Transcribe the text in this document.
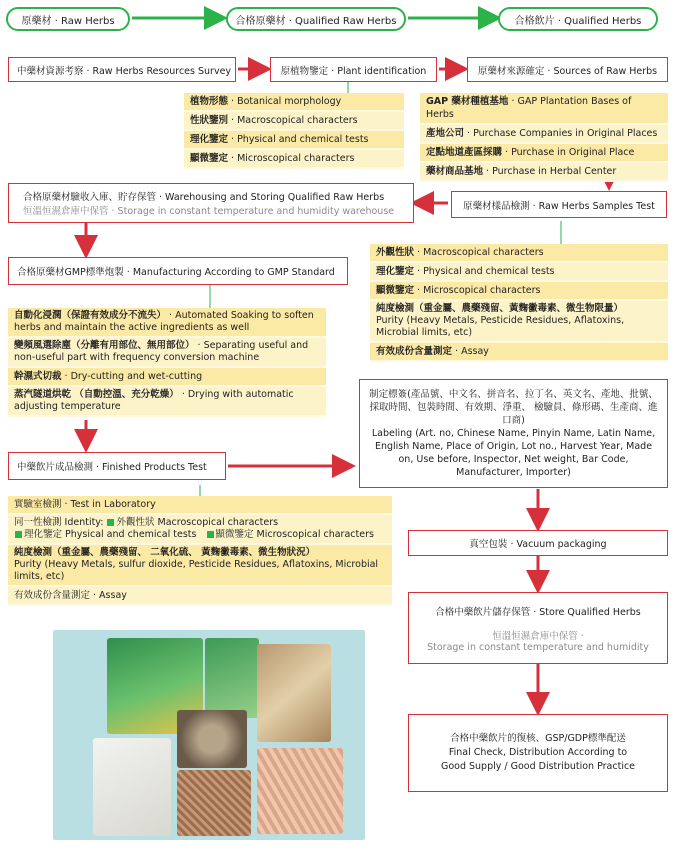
原藥材 · Raw Herbs	合格原藥材 · Qualified Raw Herbs	合格飲片 · Qualified Herbs
中藥材資源考察 · Raw Herbs Resources Survey	原植物鑒定 · Plant identification	原藥材來源確定 · Sources of Raw Herbs
植物形態 · Botanical morphology
性狀鑒別 · Macroscopical characters
理化鑒定 · Physical and chemical tests
顯微鑒定 · Microscopical characters
GAP 藥材種植基地 · GAP Plantation Bases of Herbs
產地公司 · Purchase Companies in Original Places
定點地道產區採購 · Purchase in Original Place
藥材商品基地 · Purchase in Herbal Center
合格原藥材驗收入庫、貯存保管 · Warehousing and Storing Qualified Raw Herbs
恒溫恒濕倉庫中保管 · Storage in constant temperature and humidity warehouse	原藥材樣品檢測 · Raw Herbs Samples Test
外觀性狀 · Macroscopical characters
理化鑒定 · Physical and chemical tests
顯微鑒定 · Microscopical characters
純度檢測（重金屬、農藥殘留、黃麴黴毒素、微生物限量）
Purity (Heavy Metals, Pesticide Residues, Aflatoxins, Microbial limits, etc)
有效成份含量測定 · Assay
合格原藥材GMP標準炮製 · Manufacturing According to GMP Standard
自動化浸潤（保證有效成分不流失） · Automated Soaking to soften herbs and maintain the active ingredients as well
變頻風選除塵（分離有用部位、無用部位） · Separating useful and non-useful part with frequency conversion machine
幹濕式切裁 · Dry-cutting and wet-cutting
蒸汽隧道烘乾 （自動控溫、充分乾燥） · Drying with automatic adjusting temperature
制定標簽(產品號、中文名、拼音名、拉丁名、英文名、產地、批號、採取時間、包裝時間、有效期、淨重、 檢驗員、條形碼、生產商、進口商)
Labeling (Art. no, Chinese Name, Pinyin Name, Latin Name, English Name, Place of Origin, Lot no., Harvest Year, Made on, Use before, Inspector, Net weight, Bar Code, Manufacturer, Importer)
中藥飲片成品檢測 · Finished Products Test
實驗室檢測 · Test in Laboratory
同一性檢測 Identity: 外觀性狀 Macroscopical characters
理化鑒定 Physical and chemical tests 顯微鑒定 Microscopical characters
純度檢測（重金屬、農藥殘留、 二氧化硫、 黃麴黴毒素、微生物狀況）
Purity (Heavy Metals, sulfur dioxide, Pesticide Residues, Aflatoxins, Microbial limits, etc)
有效成份含量測定 · Assay
真空包裝 · Vacuum packaging
合格中藥飲片儲存保管 · Store Qualified Herbs
恒溫恒濕倉庫中保管 ·
Storage in constant temperature and humidity
合格中藥飲片的復核、GSP/GDP標準配送
Final Check, Distribution According to
Good Supply / Good Distribution Practice
